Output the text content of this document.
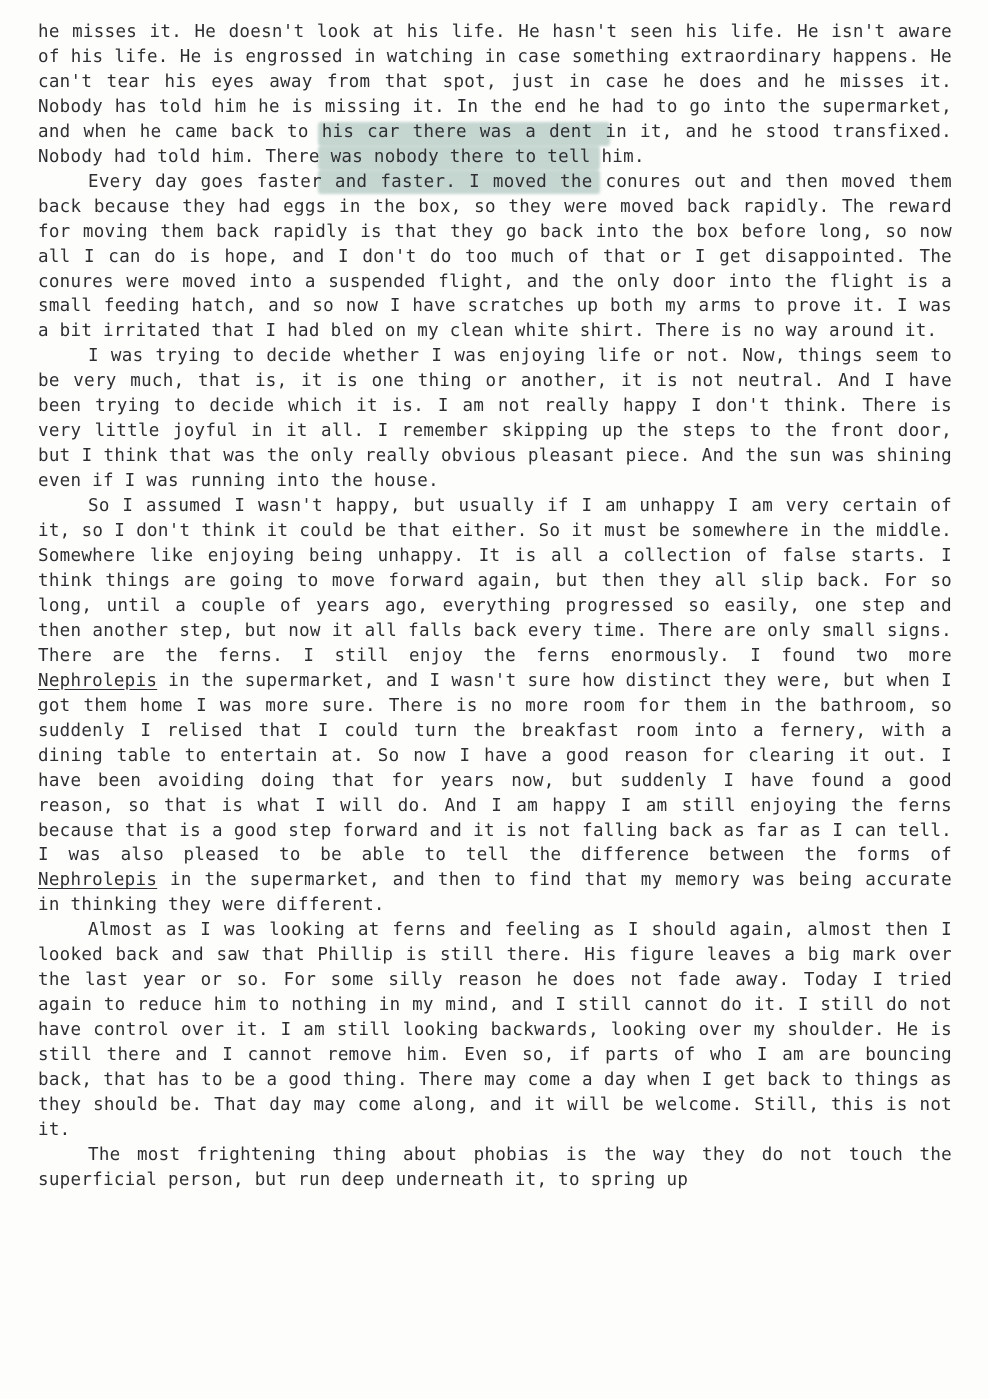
he misses it. He doesn't look at his life. He hasn't seen his life. He isn't aware of his life. He is engrossed in watching in case something extraordinary happens. He can't tear his eyes away from that spot, just in case he does and he misses it. Nobody has told him he is missing it. In the end he had to go into the supermarket, and when he came back to his car there was a dent in it, and he stood transfixed. Nobody had told him. There was nobody there to tell him.

Every day goes faster and faster. I moved the conures out and then moved them back because they had eggs in the box, so they were moved back rapidly. The reward for moving them back rapidly is that they go back into the box before long, so now all I can do is hope, and I don't do too much of that or I get disappointed. The conures were moved into a suspended flight, and the only door into the flight is a small feeding hatch, and so now I have scratches up both my arms to prove it. I was a bit irritated that I had bled on my clean white shirt. There is no way around it.

I was trying to decide whether I was enjoying life or not. Now, things seem to be very much, that is, it is one thing or another, it is not neutral. And I have been trying to decide which it is. I am not really happy I don't think. There is very little joyful in it all. I remember skipping up the steps to the front door, but I think that was the only really obvious pleasant piece. And the sun was shining even if I was running into the house.

So I assumed I wasn't happy, but usually if I am unhappy I am very certain of it, so I don't think it could be that either. So it must be somewhere in the middle. Somewhere like enjoying being unhappy. It is all a collection of false starts. I think things are going to move forward again, but then they all slip back. For so long, until a couple of years ago, everything progressed so easily, one step and then another step, but now it all falls back every time. There are only small signs. There are the ferns. I still enjoy the ferns enormously. I found two more Nephrolepis in the supermarket, and I wasn't sure how distinct they were, but when I got them home I was more sure. There is no more room for them in the bathroom, so suddenly I relised that I could turn the breakfast room into a fernery, with a dining table to entertain at. So now I have a good reason for clearing it out. I have been avoiding doing that for years now, but suddenly I have found a good reason, so that is what I will do. And I am happy I am still enjoying the ferns because that is a good step forward and it is not falling back as far as I can tell. I was also pleased to be able to tell the difference between the forms of Nephrolepis in the supermarket, and then to find that my memory was being accurate in thinking they were different.

Almost as I was looking at ferns and feeling as I should again, almost then I looked back and saw that Phillip is still there. His figure leaves a big mark over the last year or so. For some silly reason he does not fade away. Today I tried again to reduce him to nothing in my mind, and I still cannot do it. I still do not have control over it. I am still looking backwards, looking over my shoulder. He is still there and I cannot remove him. Even so, if parts of who I am are bouncing back, that has to be a good thing. There may come a day when I get back to things as they should be. That day may come along, and it will be welcome. Still, this is not it.

The most frightening thing about phobias is the way they do not touch the superficial person, but run deep underneath it, to spring up
